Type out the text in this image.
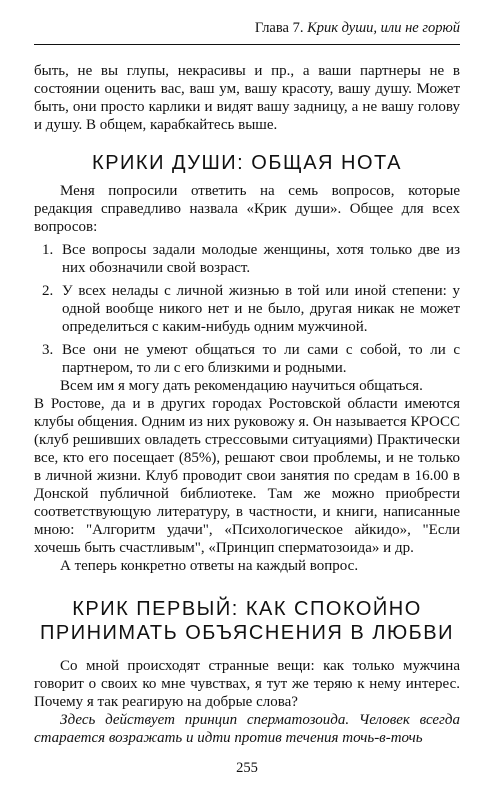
Глава 7. Крик души, или не горюй

быть, не вы глупы, некрасивы и пр., а ваши партнеры не в состоянии оценить вас, ваш ум, вашу красоту, вашу душу. Может быть, они просто карлики и видят вашу задницу, а не вашу голову и душу. В общем, карабкайтесь выше.

КРИКИ ДУШИ: ОБЩАЯ НОТА

Меня попросили ответить на семь вопросов, которые редакция справедливо назвала «Крик души». Общее для всех вопросов:

1. Все вопросы задали молодые женщины, хотя только две из них обозначили свой возраст.
2. У всех нелады с личной жизнью в той или иной степени: у одной вообще никого нет и не было, другая никак не может определиться с каким-нибудь одним мужчиной.
3. Все они не умеют общаться то ли сами с собой, то ли с партнером, то ли с его близкими и родными.

Всем им я могу дать рекомендацию научиться общаться.

В Ростове, да и в других городах Ростовской области имеются клубы общения. Одним из них руковожу я. Он называется КРОСС (клуб решивших овладеть стрессовыми ситуациями) Практически все, кто его посещает (85%), решают свои проблемы, и не только в личной жизни. Клуб проводит свои занятия по средам в 16.00 в Донской публичной библиотеке. Там же можно приобрести соответствующую литературу, в частности, и книги, написанные мною: "Алгоритм удачи", «Психологическое айкидо», "Если хочешь быть счастливым", «Принцип сперматозоида» и др.

А теперь конкретно ответы на каждый вопрос.

КРИК ПЕРВЫЙ: КАК СПОКОЙНО ПРИНИМАТЬ ОБЪЯСНЕНИЯ В ЛЮБВИ

Со мной происходят странные вещи: как только мужчина говорит о своих ко мне чувствах, я тут же теряю к нему интерес. Почему я так реагирую на добрые слова?

Здесь действует принцип сперматозоида. Человек всегда старается возражать и идти против течения точь-в-точь

255
